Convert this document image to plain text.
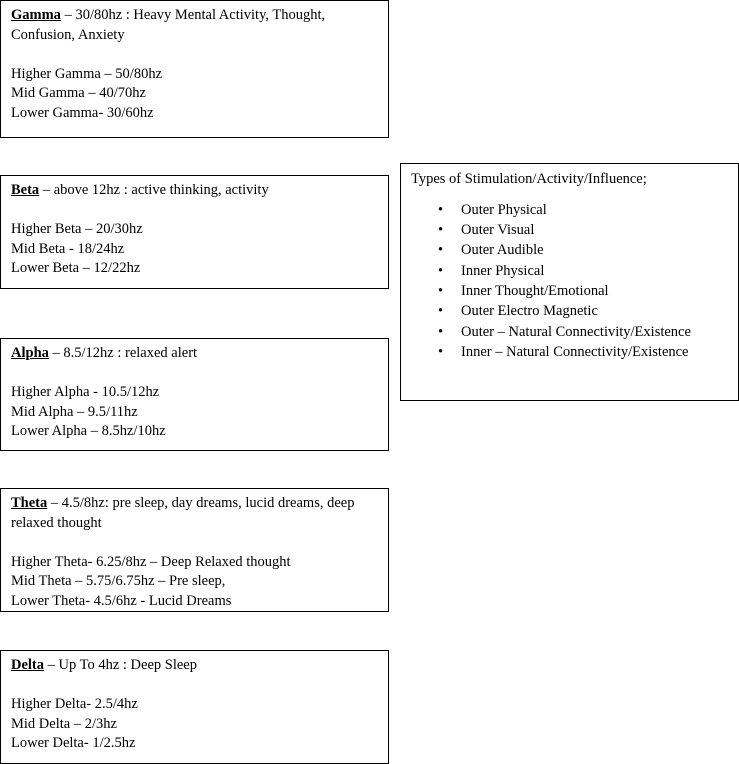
Gamma – 30/80hz : Heavy Mental Activity, Thought, Confusion, Anxiety
Higher Gamma – 50/80hz
Mid Gamma – 40/70hz
Lower Gamma- 30/60hz
Beta – above 12hz : active thinking, activity
Higher Beta – 20/30hz
Mid Beta - 18/24hz
Lower Beta – 12/22hz
Alpha – 8.5/12hz : relaxed alert
Higher Alpha - 10.5/12hz
Mid Alpha – 9.5/11hz
Lower Alpha – 8.5hz/10hz
Theta – 4.5/8hz: pre sleep, day dreams, lucid dreams, deep relaxed thought
Higher Theta- 6.25/8hz – Deep Relaxed thought
Mid Theta – 5.75/6.75hz – Pre sleep,
Lower Theta- 4.5/6hz - Lucid Dreams
Delta – Up To 4hz : Deep Sleep
Higher Delta- 2.5/4hz
Mid Delta – 2/3hz
Lower Delta- 1/2.5hz
Types of Stimulation/Activity/Influence;
• Outer Physical
• Outer Visual
• Outer Audible
• Inner Physical
• Inner Thought/Emotional
• Outer Electro Magnetic
• Outer – Natural Connectivity/Existence
• Inner – Natural Connectivity/Existence
